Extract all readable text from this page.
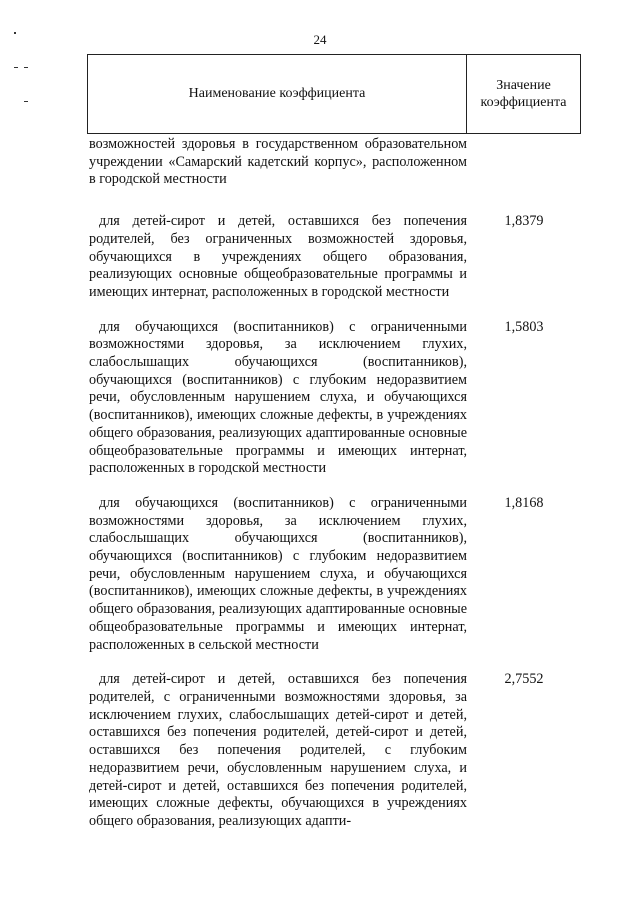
24
Наименование коэффициента
Значение
коэффициента
возможностей здоровья в государственном образовательном учреждении «Самарский кадетский корпус», расположенном в городской местности
для детей-сирот и детей, оставшихся без попечения родителей, без ограниченных возможностей здоровья, обучающихся в учреждениях общего образования, реализующих основные общеобразовательные программы и имеющих интернат, расположенных в городской местности
1,8379
для обучающихся (воспитанников) с ограниченными возможностями здоровья, за исключением глухих, слабослышащих обучающихся (воспитанников), обучающихся (воспитанников) с глубоким недоразвитием речи, обусловленным нарушением слуха, и обучающихся (воспитанников), имеющих сложные дефекты, в учреждениях общего образования, реализующих адаптированные основные общеобразовательные программы и имеющих интернат, расположенных в городской местности
1,5803
для обучающихся (воспитанников) с ограниченными возможностями здоровья, за исключением глухих, слабослышащих обучающихся (воспитанников), обучающихся (воспитанников) с глубоким недоразвитием речи, обусловленным нарушением слуха, и обучающихся (воспитанников), имеющих сложные дефекты, в учреждениях общего образования, реализующих адаптированные основные общеобразовательные программы и имеющих интернат, расположенных в сельской местности
1,8168
для детей-сирот и детей, оставшихся без попечения родителей, с ограниченными возможностями здоровья, за исключением глухих, слабослышащих детей-сирот и детей, оставшихся без попечения родителей, детей-сирот и детей, оставшихся без попечения родителей, с глубоким недоразвитием речи, обусловленным нарушением слуха, и детей-сирот и детей, оставшихся без попечения родителей, имеющих сложные дефекты, обучающихся в учреждениях общего образования, реализующих адапти-
2,7552
